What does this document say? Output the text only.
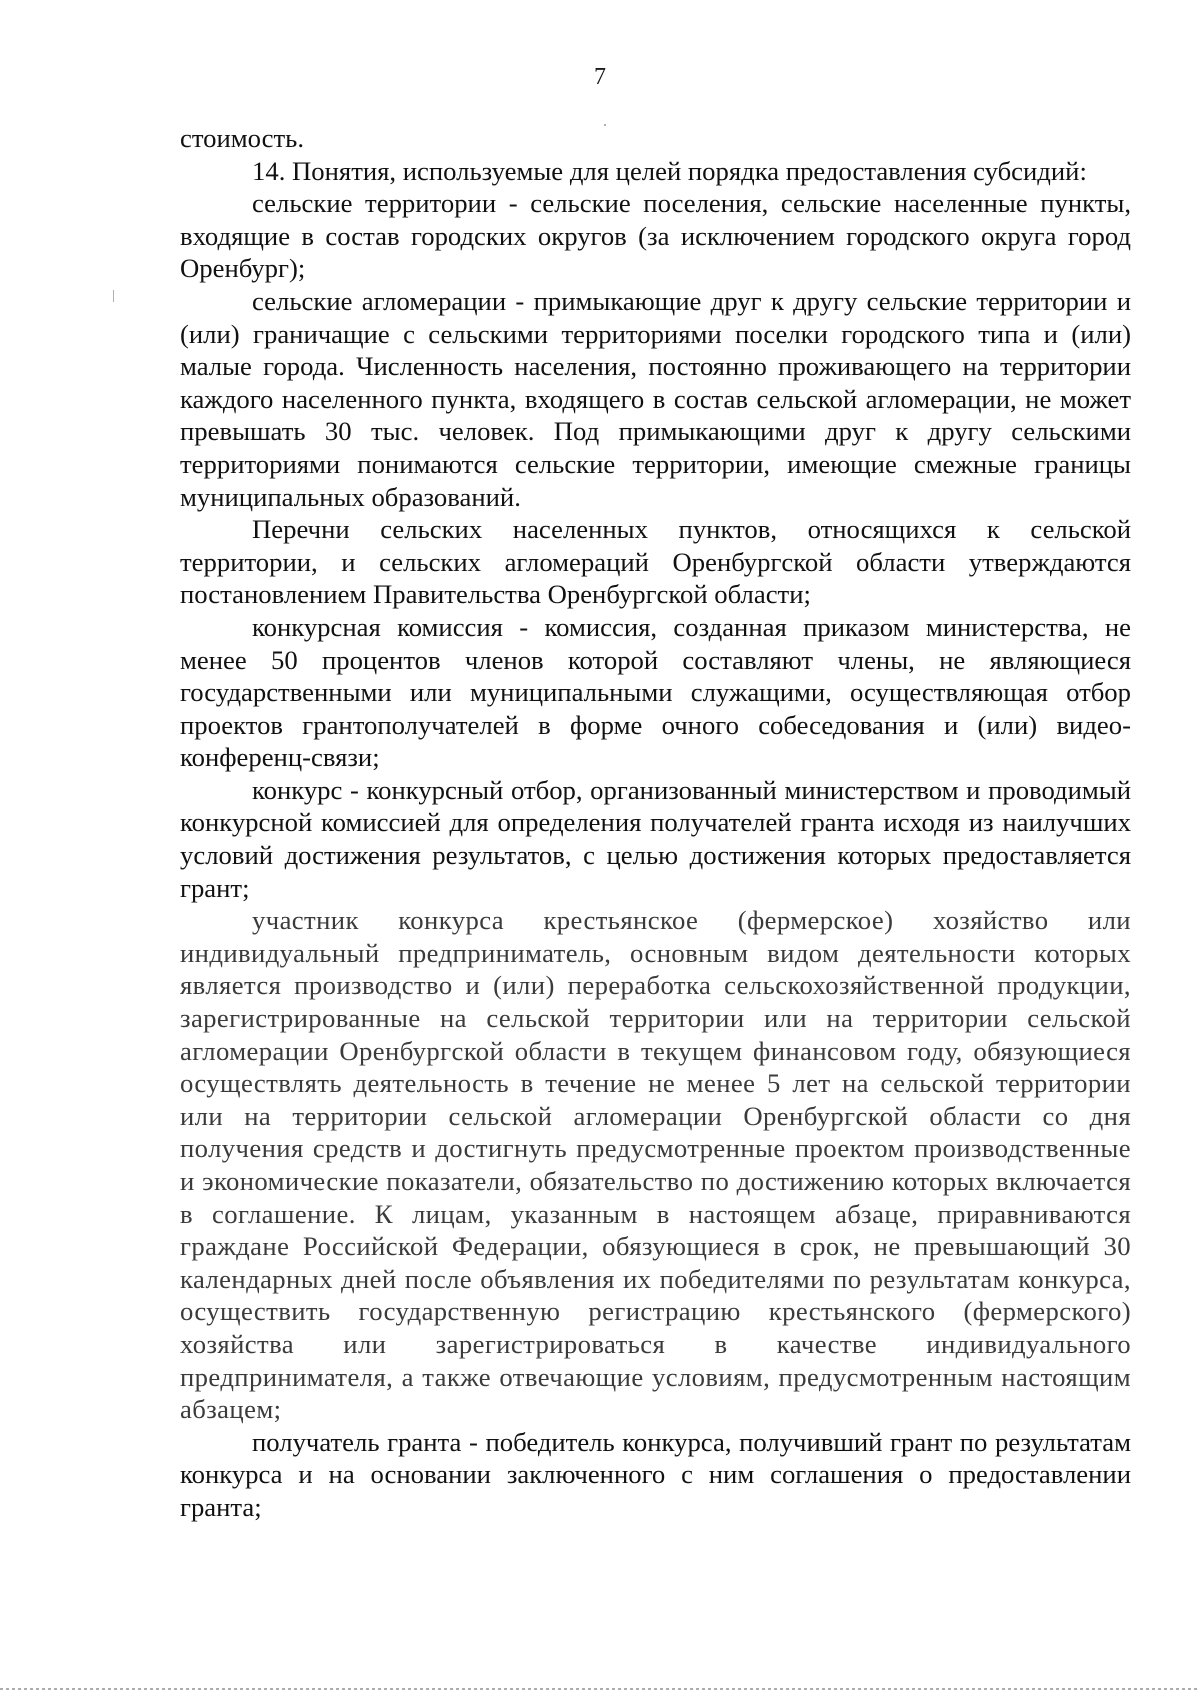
7

стоимость.

14. Понятия, используемые для целей порядка предоставления субсидий:

сельские территории - сельские поселения, сельские населенные пункты, входящие в состав городских округов (за исключением городского округа город Оренбург);

сельские агломерации - примыкающие друг к другу сельские территории и (или) граничащие с сельскими территориями поселки городского типа и (или) малые города. Численность населения, постоянно проживающего на территории каждого населенного пункта, входящего в состав сельской агломерации, не может превышать 30 тыс. человек. Под примыкающими друг к другу сельскими территориями понимаются сельские территории, имеющие смежные границы муниципальных образований.

Перечни сельских населенных пунктов, относящихся к сельской территории, и сельских агломераций Оренбургской области утверждаются постановлением Правительства Оренбургской области;

конкурсная комиссия - комиссия, созданная приказом министерства, не менее 50 процентов членов которой составляют члены, не являющиеся государственными или муниципальными служащими, осуществляющая отбор проектов грантополучателей в форме очного собеседования и (или) видео-конференц-связи;

конкурс - конкурсный отбор, организованный министерством и проводимый конкурсной комиссией для определения получателей гранта исходя из наилучших условий достижения результатов, с целью достижения которых предоставляется грант;

участник конкурса крестьянское (фермерское) хозяйство или индивидуальный предприниматель, основным видом деятельности которых является производство и (или) переработка сельскохозяйственной продукции, зарегистрированные на сельской территории или на территории сельской агломерации Оренбургской области в текущем финансовом году, обязующиеся осуществлять деятельность в течение не менее 5 лет на сельской территории или на территории сельской агломерации Оренбургской области со дня получения средств и достигнуть предусмотренные проектом производственные и экономические показатели, обязательство по достижению которых включается в соглашение. К лицам, указанным в настоящем абзаце, приравниваются граждане Российской Федерации, обязующиеся в срок, не превышающий 30 календарных дней после объявления их победителями по результатам конкурса, осуществить государственную регистрацию крестьянского (фермерского) хозяйства или зарегистрироваться в качестве индивидуального предпринимателя, а также отвечающие условиям, предусмотренным настоящим абзацем;

получатель гранта - победитель конкурса, получивший грант по результатам конкурса и на основании заключенного с ним соглашения о предоставлении гранта;
